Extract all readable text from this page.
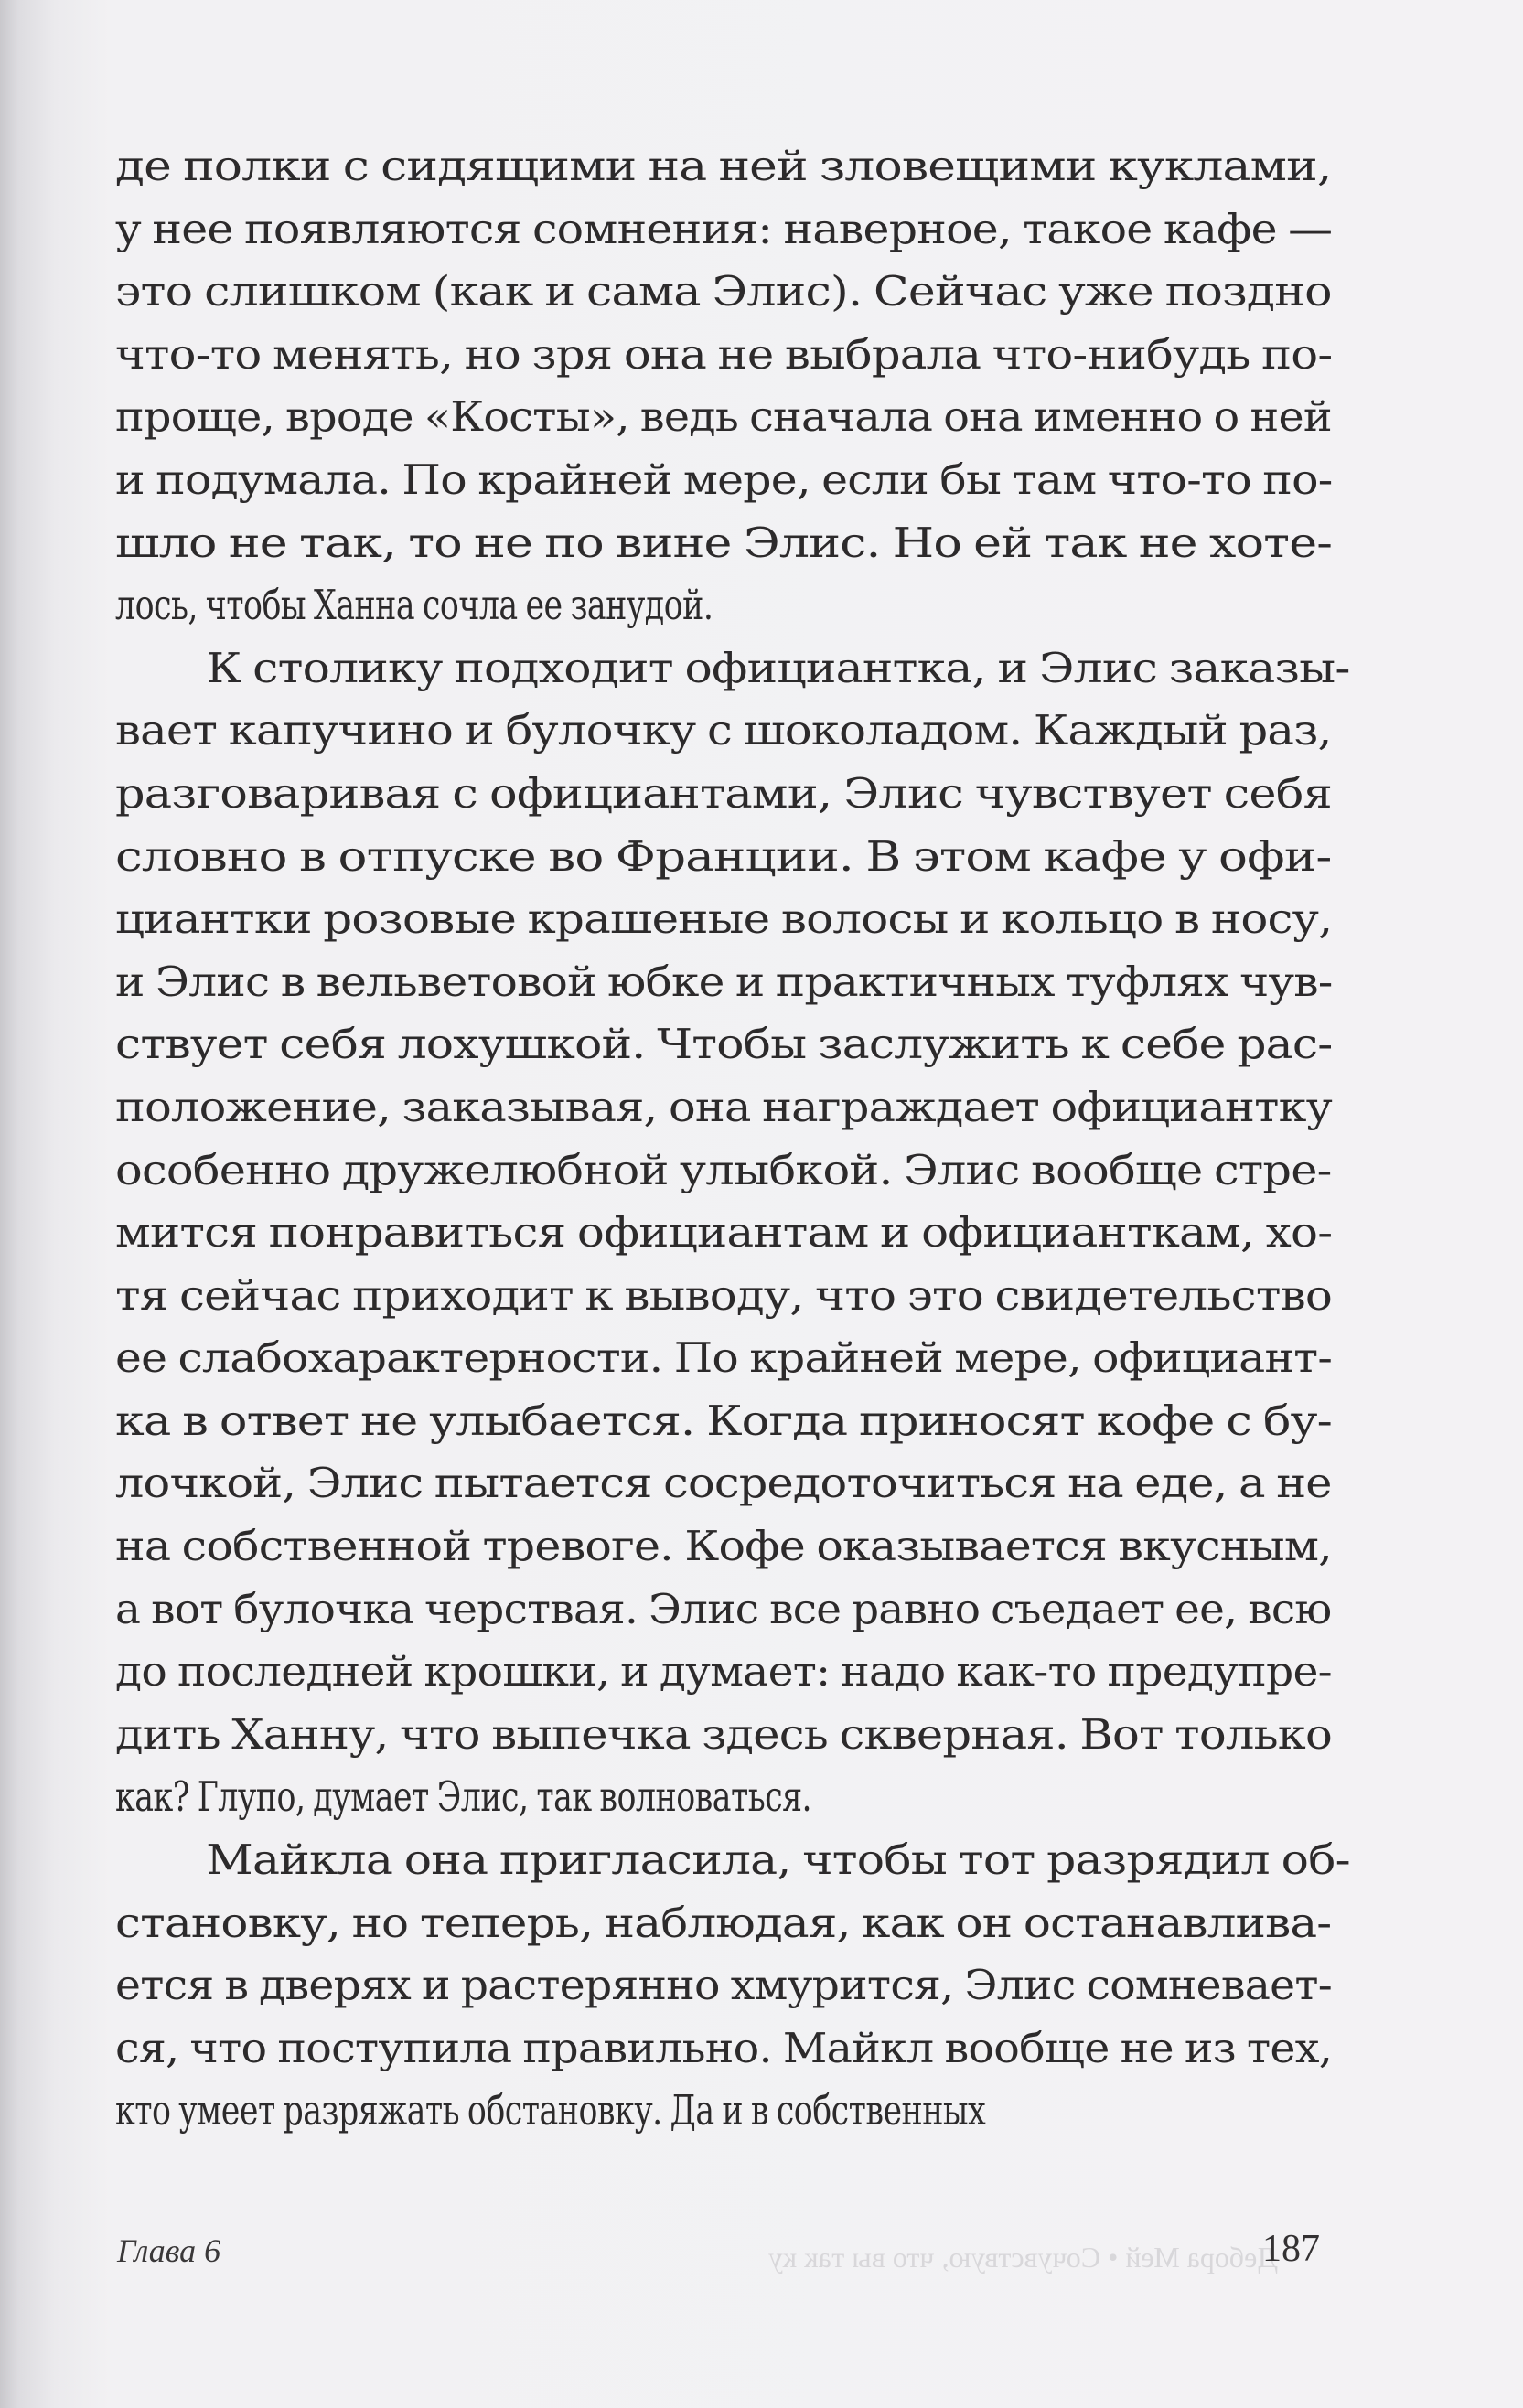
де полки с сидящими на ней зловещими куклами,
у нее появляются сомнения: наверное, такое кафе —
это слишком (как и сама Элис). Сейчас уже поздно
что-то менять, но зря она не выбрала что-нибудь по-
проще, вроде «Косты», ведь сначала она именно о ней
и подумала. По крайней мере, если бы там что-то по-
шло не так, то не по вине Элис. Но ей так не хоте-
лось, чтобы Ханна сочла ее занудой.
К столику подходит официантка, и Элис заказы-
вает капучино и булочку с шоколадом. Каждый раз,
разговаривая с официантами, Элис чувствует себя
словно в отпуске во Франции. В этом кафе у офи-
циантки розовые крашеные волосы и кольцо в носу,
и Элис в вельветовой юбке и практичных туфлях чув-
ствует себя лохушкой. Чтобы заслужить к себе рас-
положение, заказывая, она награждает официантку
особенно дружелюбной улыбкой. Элис вообще стре-
мится понравиться официантам и официанткам, хо-
тя сейчас приходит к выводу, что это свидетельство
ее слабохарактерности. По крайней мере, официант-
ка в ответ не улыбается. Когда приносят кофе с бу-
лочкой, Элис пытается сосредоточиться на еде, а не
на собственной тревоге. Кофе оказывается вкусным,
а вот булочка черствая. Элис все равно съедает ее, всю
до последней крошки, и думает: надо как-то предупре-
дить Ханну, что выпечка здесь скверная. Вот только
как? Глупо, думает Элис, так волноваться.
Майкла она пригласила, чтобы тот разрядил об-
становку, но теперь, наблюдая, как он останавлива-
ется в дверях и растерянно хмурится, Элис сомневает-
ся, что поступила правильно. Майкл вообще не из тех,
кто умеет разряжать обстановку. Да и в собственных
Дебора Мей • Сочувствую, что вы так ку
Глава 6	187
